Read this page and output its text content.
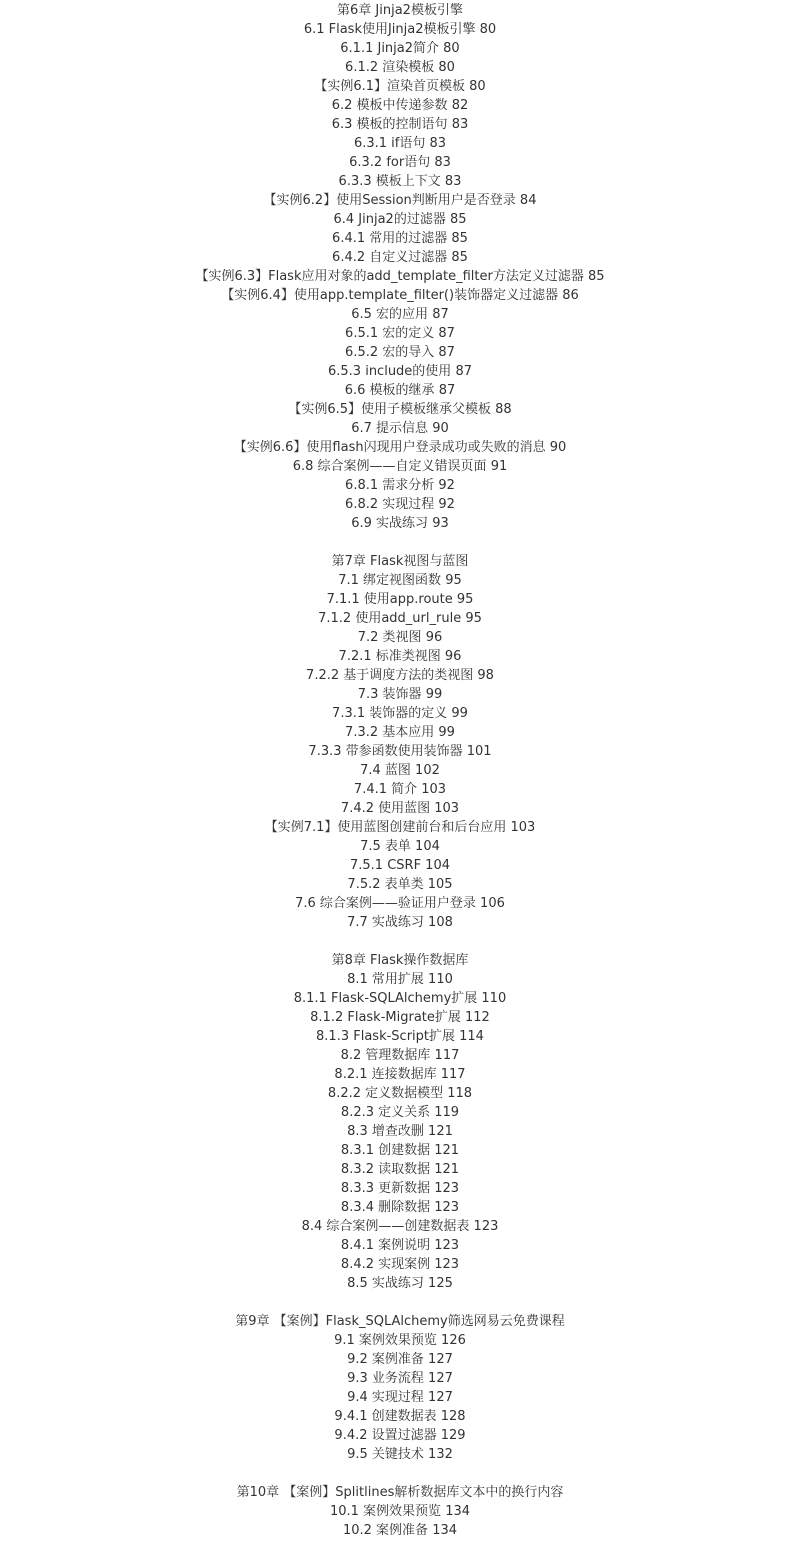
第6章 Jinja2模板引擎
6.1 Flask使用Jinja2模板引擎 80
6.1.1 Jinja2简介 80
6.1.2 渲染模板 80
【实例6.1】渲染首页模板 80
6.2 模板中传递参数 82
6.3 模板的控制语句 83
6.3.1 if语句 83
6.3.2 for语句 83
6.3.3 模板上下文 83
【实例6.2】使用Session判断用户是否登录 84
6.4 Jinja2的过滤器 85
6.4.1 常用的过滤器 85
6.4.2 自定义过滤器 85
【实例6.3】Flask应用对象的add_template_filter方法定义过滤器 85
【实例6.4】使用app.template_filter()装饰器定义过滤器 86
6.5 宏的应用 87
6.5.1 宏的定义 87
6.5.2 宏的导入 87
6.5.3 include的使用 87
6.6 模板的继承 87
【实例6.5】使用子模板继承父模板 88
6.7 提示信息 90
【实例6.6】使用flash闪现用户登录成功或失败的消息 90
6.8 综合案例——自定义错误页面 91
6.8.1 需求分析 92
6.8.2 实现过程 92
6.9 实战练习 93
第7章 Flask视图与蓝图
7.1 绑定视图函数 95
7.1.1 使用app.route 95
7.1.2 使用add_url_rule 95
7.2 类视图 96
7.2.1 标准类视图 96
7.2.2 基于调度方法的类视图 98
7.3 装饰器 99
7.3.1 装饰器的定义 99
7.3.2 基本应用 99
7.3.3 带参函数使用装饰器 101
7.4 蓝图 102
7.4.1 简介 103
7.4.2 使用蓝图 103
【实例7.1】使用蓝图创建前台和后台应用 103
7.5 表单 104
7.5.1 CSRF 104
7.5.2 表单类 105
7.6 综合案例——验证用户登录 106
7.7 实战练习 108
第8章 Flask操作数据库
8.1 常用扩展 110
8.1.1 Flask-SQLAlchemy扩展 110
8.1.2 Flask-Migrate扩展 112
8.1.3 Flask-Script扩展 114
8.2 管理数据库 117
8.2.1 连接数据库 117
8.2.2 定义数据模型 118
8.2.3 定义关系 119
8.3 增查改删 121
8.3.1 创建数据 121
8.3.2 读取数据 121
8.3.3 更新数据 123
8.3.4 删除数据 123
8.4 综合案例——创建数据表 123
8.4.1 案例说明 123
8.4.2 实现案例 123
8.5 实战练习 125
第9章 【案例】Flask_SQLAlchemy筛选网易云免费课程
9.1 案例效果预览 126
9.2 案例准备 127
9.3 业务流程 127
9.4 实现过程 127
9.4.1 创建数据表 128
9.4.2 设置过滤器 129
9.5 关键技术 132
第10章 【案例】Splitlines解析数据库文本中的换行内容
10.1 案例效果预览 134
10.2 案例准备 134
